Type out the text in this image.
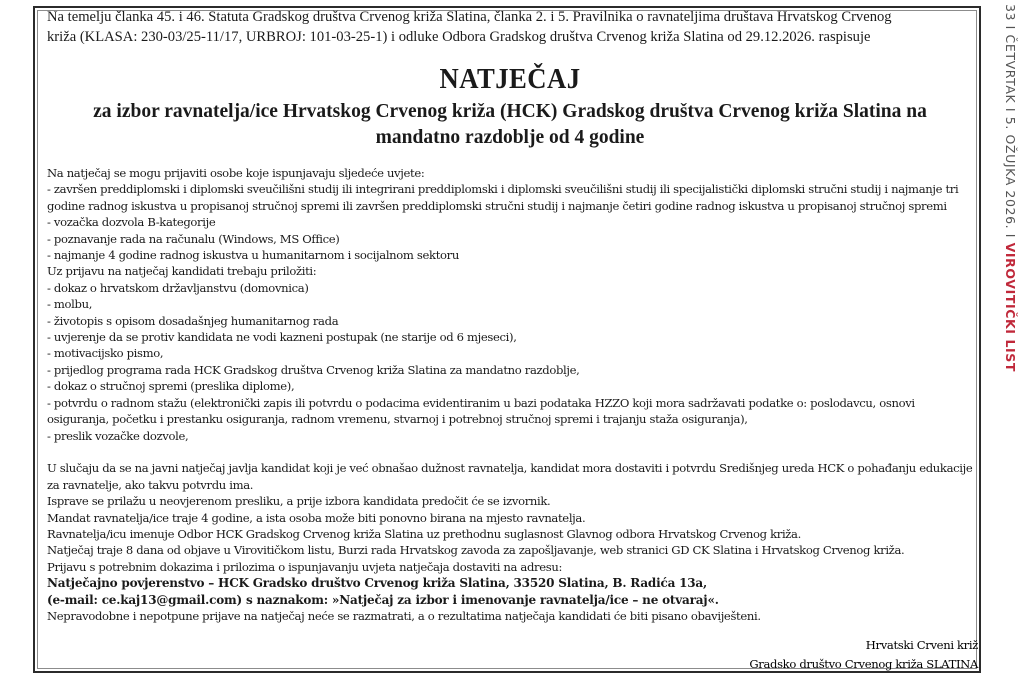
Na temelju članka 45. i 46. Statuta Gradskog društva Crvenog križa Slatina, članka 2. i 5. Pravilnika o ravnateljima društava Hrvatskog Crvenog
križa (KLASA: 230-03/25-11/17, URBROJ: 101-03-25-1) i odluke Odbora Gradskog društva Crvenog križa Slatina od 29.12.2026. raspisuje

NATJEČAJ
za izbor ravnatelja/ice Hrvatskog Crvenog križa (HCK) Gradskog društva Crvenog križa Slatina na
mandatno razdoblje od 4 godine
Na natječaj se mogu prijaviti osobe koje ispunjavaju sljedeće uvjete:
- završen preddiplomski i diplomski sveučilišni studij ili integrirani preddiplomski i diplomski sveučilišni studij ili specijalistički diplomski stručni studij i najmanje tri
godine radnog iskustva u propisanoj stručnoj spremi ili završen preddiplomski stručni studij i najmanje četiri godine radnog iskustva u propisanoj stručnoj spremi
- vozačka dozvola B-kategorije
- poznavanje rada na računalu (Windows, MS Office)
- najmanje 4 godine radnog iskustva u humanitarnom i socijalnom sektoru
Uz prijavu na natječaj kandidati trebaju priložiti:
- dokaz o hrvatskom državljanstvu (domovnica)
- molbu,
- životopis s opisom dosadašnjeg humanitarnog rada
- uvjerenje da se protiv kandidata ne vodi kazneni postupak (ne starije od 6 mjeseci),
- motivacijsko pismo,
- prijedlog programa rada HCK Gradskog društva Crvenog križa Slatina za mandatno razdoblje,
- dokaz o stručnoj spremi (preslika diplome),
- potvrdu o radnom stažu (elektronički zapis ili potvrdu o podacima evidentiranim u bazi podataka HZZO koji mora sadržavati podatke o: poslodavcu, osnovi
osiguranja, početku i prestanku osiguranja, radnom vremenu, stvarnoj i potrebnoj stručnoj spremi i trajanju staža osiguranja),
- preslik vozačke dozvole,
U slučaju da se na javni natječaj javlja kandidat koji je već obnašao dužnost ravnatelja, kandidat mora dostaviti i potvrdu Središnjeg ureda HCK o pohađanju edukacije
za ravnatelje, ako takvu potvrdu ima.
Isprave se prilažu u neovjerenom presliku, a prije izbora kandidata predočit će se izvornik.
Mandat ravnatelja/ice traje 4 godine, a ista osoba može biti ponovno birana na mjesto ravnatelja.
Ravnatelja/icu imenuje Odbor HCK Gradskog Crvenog križa Slatina uz prethodnu suglasnost Glavnog odbora Hrvatskog Crvenog križa.
Natječaj traje 8 dana od objave u Virovitičkom listu, Burzi rada Hrvatskog zavoda za zapošljavanje, web stranici GD CK Slatina i Hrvatskog Crvenog križa.
Prijavu s potrebnim dokazima i prilozima o ispunjavanju uvjeta natječaja dostaviti na adresu:
Natječajno povjerenstvo – HCK Gradsko društvo Crvenog križa Slatina, 33520 Slatina, B. Radića 13a,
(e-mail: ce.kaj13@gmail.com) s naznakom: »Natječaj za izbor i imenovanje ravnatelja/ice – ne otvaraj«.
Nepravodobne i nepotpune prijave na natječaj neće se razmatrati, a o rezultatima natječaja kandidati će biti pisano obaviješteni.
Hrvatski Crveni križ
Gradsko društvo Crvenog križa SLATINA
33 I ČETVRTAK I 5. OŽUJKA 2026. I VIROVITIČKI LIST
